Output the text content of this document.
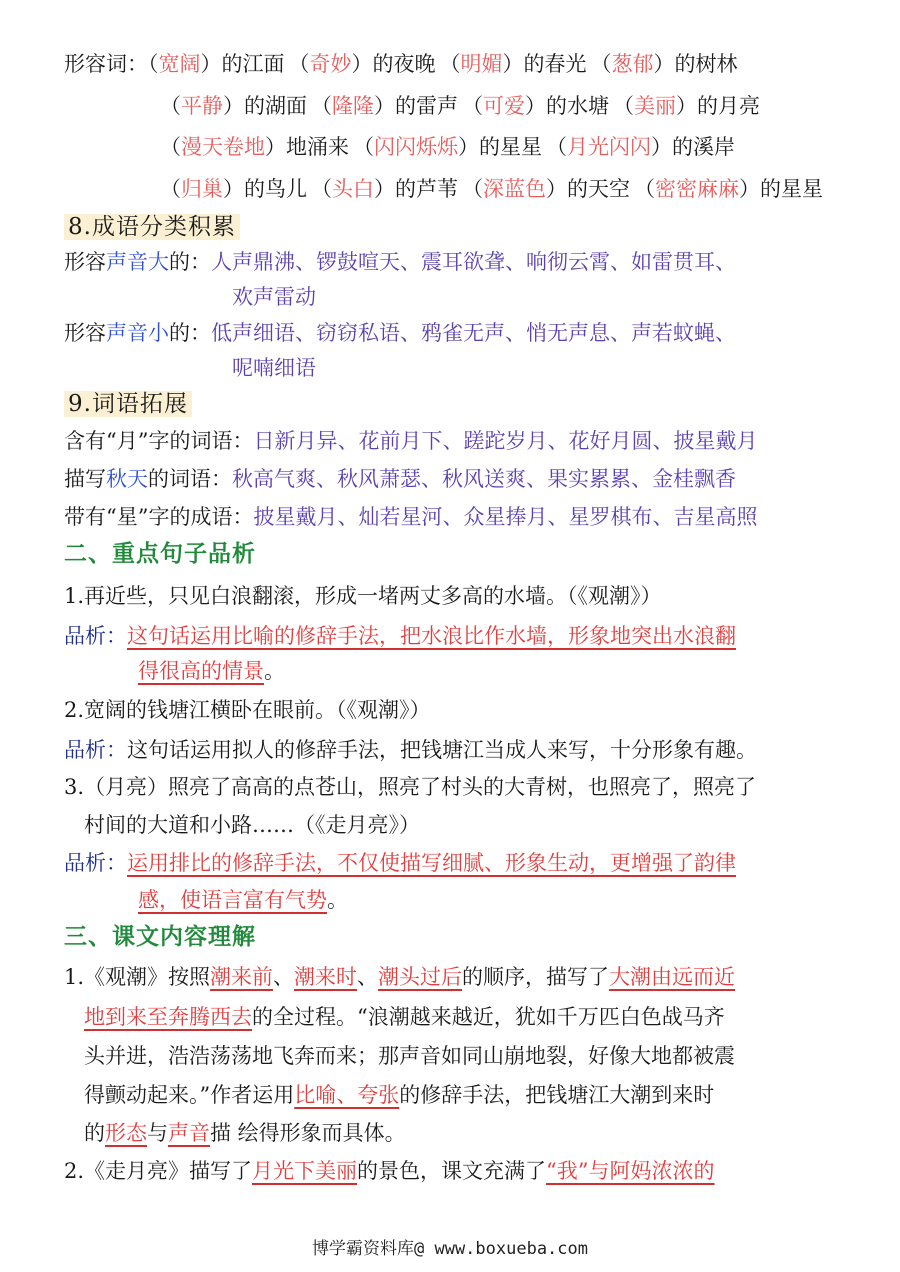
形容词：（宽阔）的江面 （奇妙）的夜晚 （明媚）的春光 （葱郁）的树林
（平静）的湖面 （隆隆）的雷声 （可爱）的水塘 （美丽）的月亮
（漫天卷地）地涌来 （闪闪烁烁）的星星 （月光闪闪）的溪岸
（归巢）的鸟儿 （头白）的芦苇 （深蓝色）的天空 （密密麻麻）的星星
8.成语分类积累
形容声音大的：人声鼎沸、锣鼓喧天、震耳欲聋、响彻云霄、如雷贯耳、
欢声雷动
形容声音小的：低声细语、窃窃私语、鸦雀无声、悄无声息、声若蚊蝇、
呢喃细语
9.词语拓展
含有“月”字的词语：日新月异、花前月下、蹉跎岁月、花好月圆、披星戴月
描写秋天的词语：秋高气爽、秋风萧瑟、秋风送爽、果实累累、金桂飘香
带有“星”字的成语：披星戴月、灿若星河、众星捧月、星罗棋布、吉星高照
二、重点句子品析
1.再近些，只见白浪翻滚，形成一堵两丈多高的水墙。（《观潮》）
品析：这句话运用比喻的修辞手法，把水浪比作水墙，形象地突出水浪翻
得很高的情景。
2.宽阔的钱塘江横卧在眼前。（《观潮》）
品析：这句话运用拟人的修辞手法，把钱塘江当成人来写，十分形象有趣。
3.（月亮）照亮了高高的点苍山，照亮了村头的大青树，也照亮了，照亮了
村间的大道和小路……（《走月亮》）
品析：运用排比的修辞手法，不仅使描写细腻、形象生动，更增强了韵律
感，使语言富有气势。
三、课文内容理解
1.《观潮》按照潮来前、潮来时、潮头过后的顺序，描写了大潮由远而近
地到来至奔腾西去的全过程。“浪潮越来越近，犹如千万匹白色战马齐
头并进，浩浩荡荡地飞奔而来；那声音如同山崩地裂，好像大地都被震
得颤动起来。”作者运用比喻、夸张的修辞手法，把钱塘江大潮到来时
的形态与声音描 绘得形象而具体。
2.《走月亮》描写了月光下美丽的景色，课文充满了“我”与阿妈浓浓的
博学霸资料库@ www.boxueba.com
